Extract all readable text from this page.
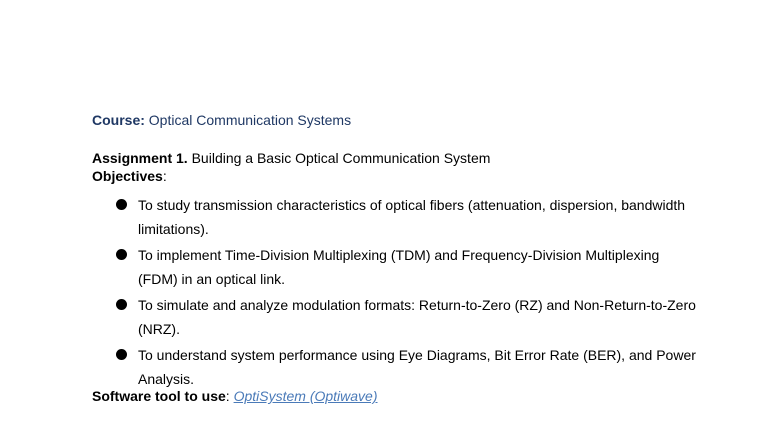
Course: Optical Communication Systems
Assignment 1. Building a Basic Optical Communication System
Objectives:
To study transmission characteristics of optical fibers (attenuation, dispersion, bandwidth limitations).
To implement Time-Division Multiplexing (TDM) and Frequency-Division Multiplexing (FDM) in an optical link.
To simulate and analyze modulation formats: Return-to-Zero (RZ) and Non-Return-to-Zero (NRZ).
To understand system performance using Eye Diagrams, Bit Error Rate (BER), and Power Analysis.
Software tool to use: OptiSystem (Optiwave)
